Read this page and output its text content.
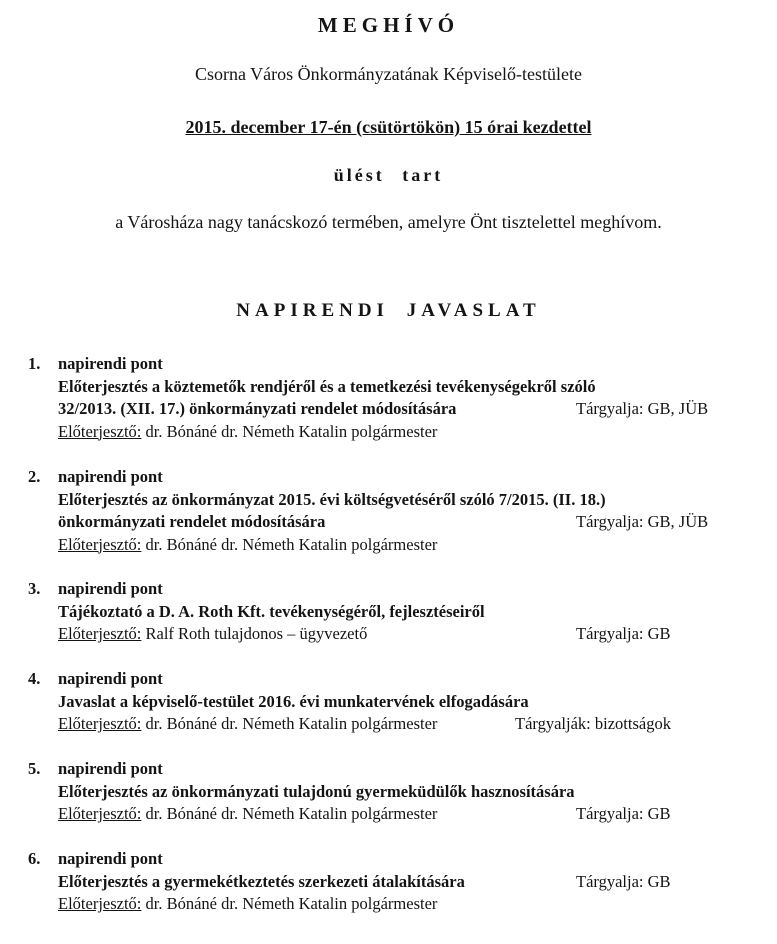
MEGHÍVÓ
Csorna Város Önkormányzatának Képviselő-testülete
2015. december 17-én (csütörtökön) 15 órai kezdettel
ülést tart
a Városháza nagy tanácskozó termében, amelyre Önt tisztelettel meghívom.
NAPIRENDI JAVASLAT
1. napirendi pont
Előterjesztés a köztemetők rendjéről és a temetkezési tevékenységekről szóló
32/2013. (XII. 17.) önkormányzati rendelet módosítására	Tárgyalja: GB, JÜB
Előterjesztő: dr. Bónáné dr. Németh Katalin polgármester
2. napirendi pont
Előterjesztés az önkormányzat 2015. évi költségvetéséről szóló 7/2015. (II. 18.)
önkormányzati rendelet módosítására	Tárgyalja: GB, JÜB
Előterjesztő: dr. Bónáné dr. Németh Katalin polgármester
3. napirendi pont
Tájékoztató a D. A. Roth Kft. tevékenységéről, fejlesztéseiről
Előterjesztő: Ralf Roth tulajdonos – ügyvezető	Tárgyalja: GB
4. napirendi pont
Javaslat a képviselő-testület 2016. évi munkatervének elfogadására
Előterjesztő: dr. Bónáné dr. Németh Katalin polgármester	Tárgyalják: bizottságok
5. napirendi pont
Előterjesztés az önkormányzati tulajdonú gyermeküdülők hasznosítására
Előterjesztő: dr. Bónáné dr. Németh Katalin polgármester	Tárgyalja: GB
6. napirendi pont
Előterjesztés a gyermekétkeztetés szerkezeti átalakítására	Tárgyalja: GB
Előterjesztő: dr. Bónáné dr. Németh Katalin polgármester
